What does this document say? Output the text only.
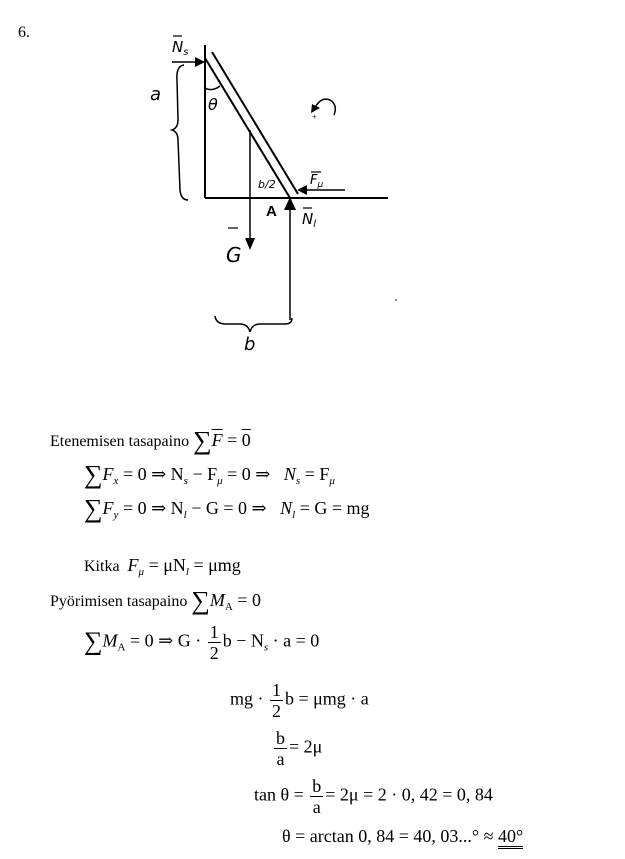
6.
$N_s$
a	θ
b/2
A
$F_\mu$
$N_l$
G
b
+
Etenemisen tasapaino $\sum\overline{F} = 0$
$\sum F_x = 0$ ⇒ $N_s - F_\mu = 0$ ⇒ $N_s = F_\mu$
$\sum F_y = 0$ ⇒ $N_l - G = 0$ ⇒ $N_l = G$ = mg
Kitka $F_\mu = \mu N_l = \mu mg$
Pyörimisen tasapaino $\sum M_A = 0$
$\sum M_A = 0$ ⇒ $G \cdot \frac{1}{2}$ $b - N_s \cdot a = 0$
mg · $\frac{1}{2}$ b = μmg · a
$\frac{b}{a} = 2\mu$
$\tan \theta = \frac{b}{a} = 2\mu = 2 \cdot 0$, 42 = 0, 84
θ = arctan 0, 84 = 40, 03...° ≈ 40°
